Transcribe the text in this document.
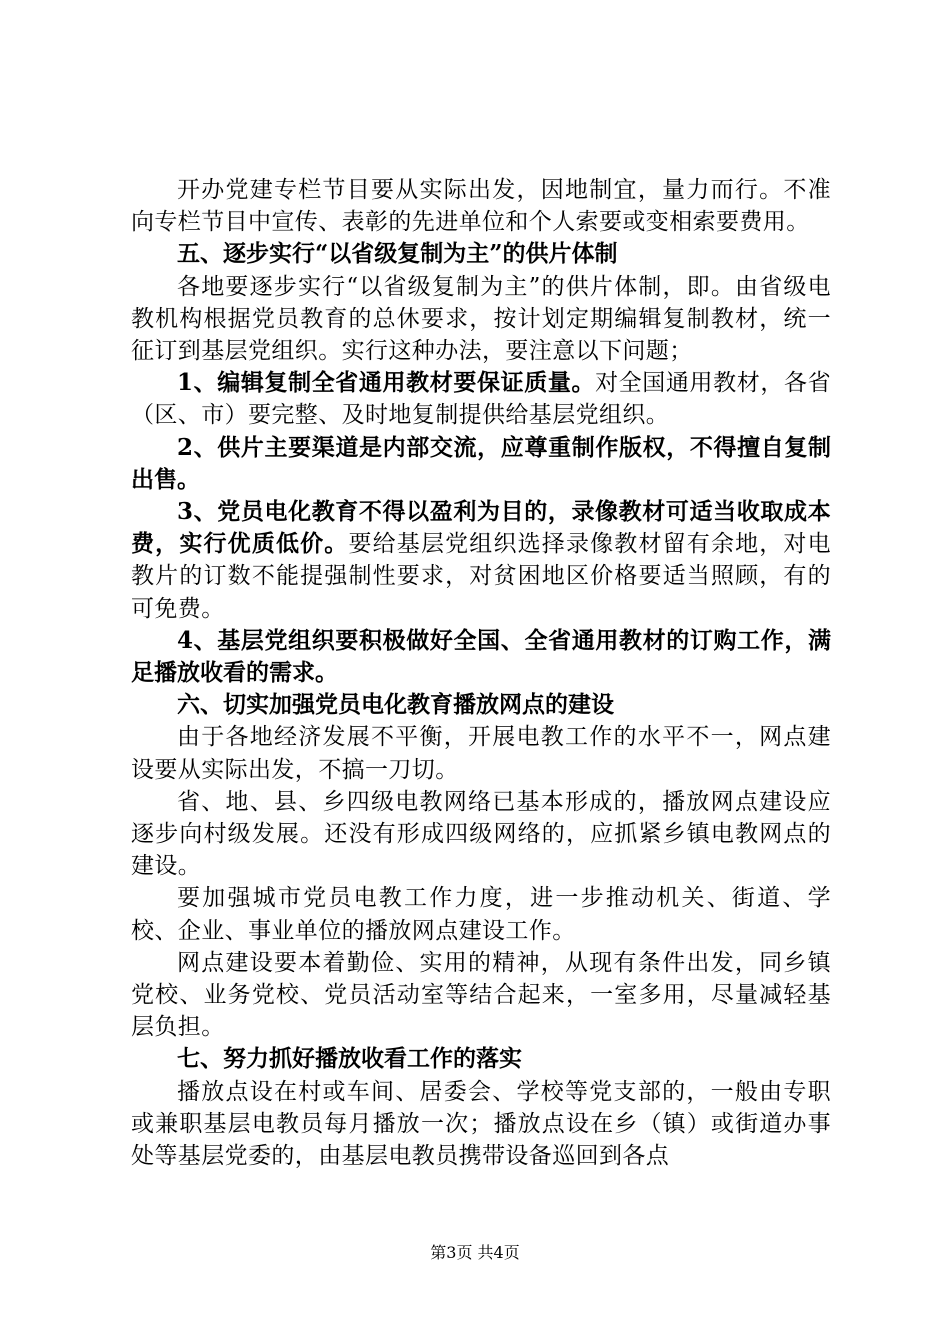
开办党建专栏节目要从实际出发，因地制宜，量力而行。不准向专栏节目中宣传、表彰的先进单位和个人索要或变相索要费用。

五、逐步实行“以省级复制为主”的供片体制

各地要逐步实行“以省级复制为主”的供片体制，即。由省级电教机构根据党员教育的总休要求，按计划定期编辑复制教材，统一征订到基层党组织。实行这种办法，要注意以下问题；

1、编辑复制全省通用教材要保证质量。对全国通用教材，各省（区、市）要完整、及时地复制提供给基层党组织。

2、供片主要渠道是内部交流，应尊重制作版权，不得擅自复制出售。

3、党员电化教育不得以盈利为目的，录像教材可适当收取成本费，实行优质低价。要给基层党组织选择录像教材留有余地，对电教片的订数不能提强制性要求，对贫困地区价格要适当照顾，有的可免费。

4、基层党组织要积极做好全国、全省通用教材的订购工作，满足播放收看的需求。

六、切实加强党员电化教育播放网点的建设

由于各地经济发展不平衡，开展电教工作的水平不一，网点建设要从实际出发，不搞一刀切。

省、地、县、乡四级电教网络已基本形成的，播放网点建设应逐步向村级发展。还没有形成四级网络的，应抓紧乡镇电教网点的建设。

要加强城市党员电教工作力度，进一步推动机关、街道、学校、企业、事业单位的播放网点建设工作。

网点建设要本着勤俭、实用的精神，从现有条件出发，同乡镇党校、业务党校、党员活动室等结合起来，一室多用，尽量减轻基层负担。

七、努力抓好播放收看工作的落实

播放点设在村或车间、居委会、学校等党支部的，一般由专职或兼职基层电教员每月播放一次；播放点设在乡（镇）或街道办事处等基层党委的，由基层电教员携带设备巡回到各点

第3页 共4页
